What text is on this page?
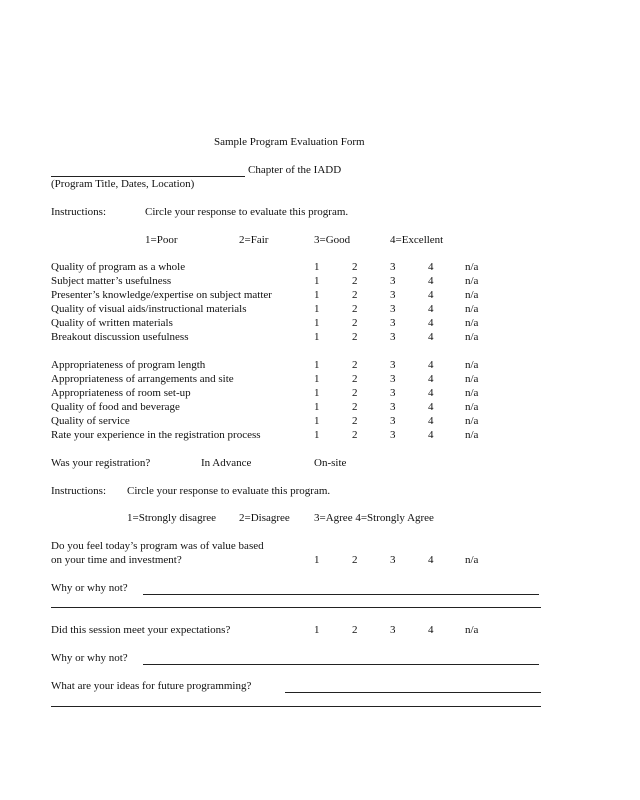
Sample Program Evaluation Form
Chapter of the IADD
(Program Title, Dates, Location)
Instructions:	Circle your response to evaluate this program.
1=Poor	2=Fair	3=Good	4=Excellent
Quality of program as a whole	1	2	3	4	n/a
Subject matter’s usefulness	1	2	3	4	n/a
Presenter’s knowledge/expertise on subject matter	1	2	3	4	n/a
Quality of visual aids/instructional materials	1	2	3	4	n/a
Quality of written materials	1	2	3	4	n/a
Breakout discussion usefulness	1	2	3	4	n/a
Appropriateness of program length	1	2	3	4	n/a
Appropriateness of arrangements and site	1	2	3	4	n/a
Appropriateness of room set-up	1	2	3	4	n/a
Quality of food and beverage	1	2	3	4	n/a
Quality of service	1	2	3	4	n/a
Rate your experience in the registration process	1	2	3	4	n/a
Was your registration?	In Advance	On-site
Instructions: Circle your response to evaluate this program.
1=Strongly disagree 2=Disagree 3=Agree 4=Strongly Agree
Do you feel today’s program was of value based
on your time and investment?	1	2	3	4	n/a
Why or why not?
Did this session meet your expectations?	1	2	3	4	n/a
Why or why not?
What are your ideas for future programming?
